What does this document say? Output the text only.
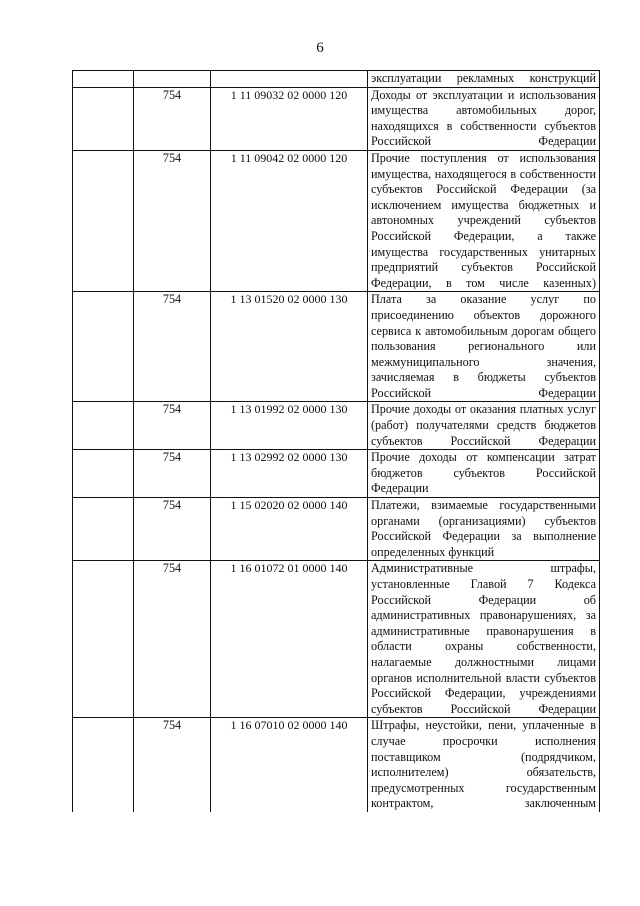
6
			эксплуатации рекламных конструкций
	754	1 11 09032 02 0000 120	Доходы от эксплуатации и использования имущества автомобильных дорог, находящихся в собственности субъектов Российской Федерации
	754	1 11 09042 02 0000 120	Прочие поступления от использования имущества, находящегося в собственности субъектов Российской Федерации (за исключением имущества бюджетных и автономных учреждений субъектов Российской Федерации, а также имущества государственных унитарных предприятий субъектов Российской Федерации, в том числе казенных)
	754	1 13 01520 02 0000 130	Плата за оказание услуг по присоединению объектов дорожного сервиса к автомобильным дорогам общего пользования регионального или межмуниципального значения, зачисляемая в бюджеты субъектов Российской Федерации
	754	1 13 01992 02 0000 130	Прочие доходы от оказания платных услуг (работ) получателями средств бюджетов субъектов Российской Федерации
	754	1 13 02992 02 0000 130	Прочие доходы от компенсации затрат бюджетов субъектов Российской Федерации
	754	1 15 02020 02 0000 140	Платежи, взимаемые государственными органами (организациями) субъектов Российской Федерации за выполнение определенных функций
	754	1 16 01072 01 0000 140	Административные штрафы, установленные Главой 7 Кодекса Российской Федерации об административных правонарушениях, за административные правонарушения в области охраны собственности, налагаемые должностными лицами органов исполнительной власти субъектов Российской Федерации, учреждениями субъектов Российской Федерации
	754	1 16 07010 02 0000 140	Штрафы, неустойки, пени, уплаченные в случае просрочки исполнения поставщиком (подрядчиком, исполнителем) обязательств, предусмотренных государственным контрактом, заключенным
